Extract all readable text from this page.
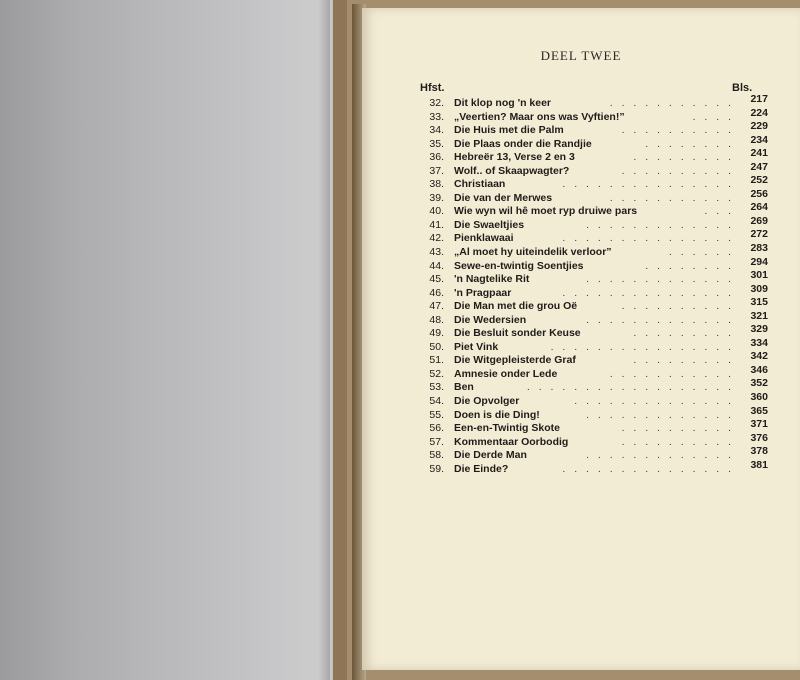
DEEL TWEE
Hfst.	Bls.
32. Dit klop nog 'n keer	. . . . . . . . . . .	217
33. „Veertien? Maar ons was Vyftien!”	. . . .	224
34. Die Huis met die Palm	. . . . . . . . . .	229
35. Die Plaas onder die Randjie	. . . . . . . .	234
36. Hebreër 13, Verse 2 en 3	. . . . . . . . .	241
37. Wolf.. of Skaapwagter?	. . . . . . . . . .	247
38. Christiaan	. . . . . . . . . . . . . . .	252
39. Die van der Merwes	. . . . . . . . . . .	256
40. Wie wyn wil hê moet ryp druiwe pars	. . .	264
41. Die Swaeltjies	. . . . . . . . . . . . .	269
42. Pienklawaai	. . . . . . . . . . . . . . .	272
43. „Al moet hy uiteindelik verloor”	. . . . . .	283
44. Sewe-en-twintig Soentjies	. . . . . . . .	294
45. 'n Nagtelike Rit	. . . . . . . . . . . . .	301
46. 'n Pragpaar	. . . . . . . . . . . . . . .	309
47. Die Man met die grou Oë	. . . . . . . . . .	315
48. Die Wedersien	. . . . . . . . . . . . .	321
49. Die Besluit sonder Keuse	. . . . . . . . .	329
50. Piet Vink	. . . . . . . . . . . . . . . .	334
51. Die Witgepleisterde Graf	. . . . . . . . .	342
52. Amnesie onder Lede	. . . . . . . . . . .	346
53. Ben	. . . . . . . . . . . . . . . . . .	352
54. Die Opvolger	. . . . . . . . . . . . . .	360
55. Doen is die Ding!	. . . . . . . . . . . . .	365
56. Een-en-Twintig Skote	. . . . . . . . . .	371
57. Kommentaar Oorbodig	. . . . . . . . . .	376
58. Die Derde Man	. . . . . . . . . . . . .	378
59. Die Einde?	. . . . . . . . . . . . . . .	381
